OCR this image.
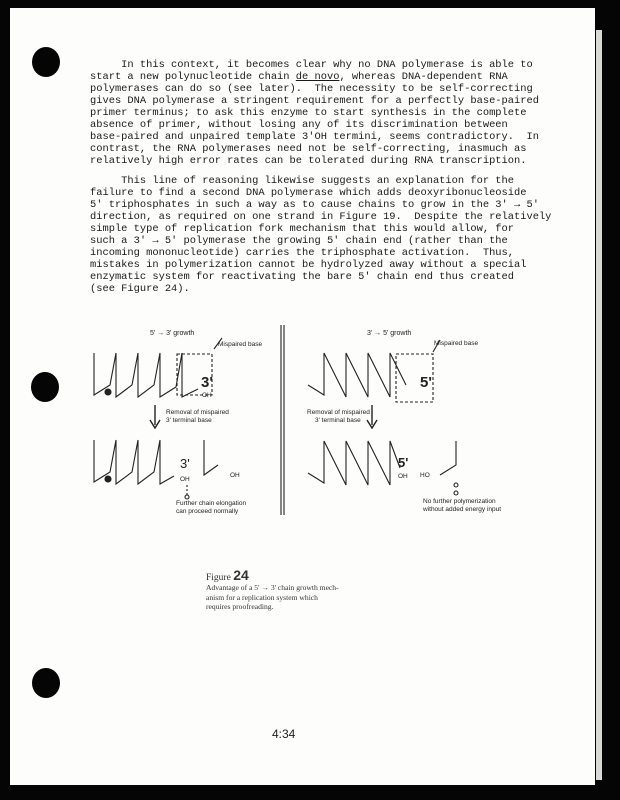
In this context, it becomes clear why no DNA polymerase is able to
start a new polynucleotide chain de novo, whereas DNA-dependent RNA
polymerases can do so (see later).  The necessity to be self-correcting
gives DNA polymerase a stringent requirement for a perfectly base-paired
primer terminus; to ask this enzyme to start synthesis in the complete
absence of primer, without losing any of its discrimination between
base-paired and unpaired template 3'OH termini, seems contradictory.  In
contrast, the RNA polymerases need not be self-correcting, inasmuch as
relatively high error rates can be tolerated during RNA transcription.
This line of reasoning likewise suggests an explanation for the
failure to find a second DNA polymerase which adds deoxyribonucleoside
5' triphosphates in such a way as to cause chains to grow in the 3' → 5'
direction, as required on one strand in Figure 19.  Despite the relatively
simple type of replication fork mechanism that this would allow, for
such a 3' → 5' polymerase the growing 5' chain end (rather than the
incoming mononucleotide) carries the triphosphate activation.  Thus,
mistakes in polymerization cannot be hydrolyzed away without a special
enzymatic system for reactivating the bare 5' chain end thus created
(see Figure 24).
5' → 3' growth
Mispaired base
3'
OH
Removal of mispaired
3' terminal base
3'
OH
OH
Further chain elongation
can proceed normally
3' → 5' growth
Mispaired base
5'
Removal of mispaired
3' terminal base
5'
OH HO
No further polymerization
without added energy input
Figure 24
Advantage of a 5' → 3' chain growth mech-
anism for a replication system which
requires proofreading.
4:34
